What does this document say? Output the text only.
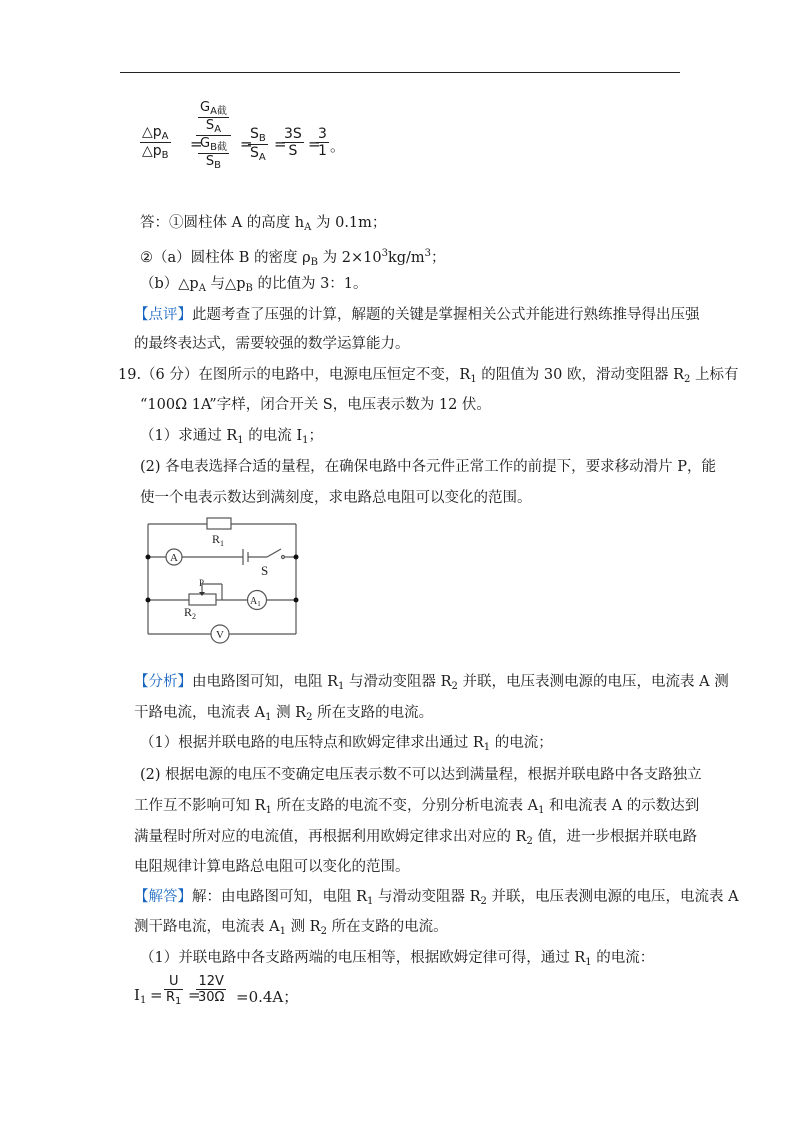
$\frac{\triangle p_A}{\triangle p_B}$ =
$\frac{G_{A截}}{S_A}$
$\frac{G_{B截}}{S_B}$ =
$\frac{S_B}{S_A}$ =
$\frac{3S}{S}$ =
$\frac{3}{1}$ 。
答：①圆柱体 A 的高度 $h_A$ 为 0.1m；
②（a）圆柱体 B 的密度 $\rho_B$ 为 $2\times 10^3kg/m^3$；
$(b)\triangle p_A$ 与$\triangle p_B$ 的比值为 3：1。
【点评】此题考查了压强的计算，解题的关键是掌握相关公式并能进行熟练推导得出压强
的最终表达式，需要较强的数学运算能力。
19.（6 分）在图所示的电路中，电源电压恒定不变，$R_1$ 的阻值为 30 欧，滑动变阻器 $R_2$ 上标有
“100Ω 1A”字样，闭合开关 S，电压表示数为 12 伏。
（1）求通过 $R_1$ 的电流 $I_1$；
(2) 各电表选择合适的量程，在确保电路中各元件正常工作的前提下，要求移动滑片 P，能
使一个电表示数达到满刻度，求电路总电阻可以变化的范围。
$R_1$
A
S
P
$R_2$
$A_1$
V
【分析】由电路图可知，电阻 $R_1$ 与滑动变阻器 $R_2$ 并联，电压表测电源的电压，电流表 A 测
干路电流，电流表 $A_1$ 测 $R_2$ 所在支路的电流。
（1）根据并联电路的电压特点和欧姆定律求出通过 $R_1$ 的电流；
(2) 根据电源的电压不变确定电压表示数不可以达到满量程，根据并联电路中各支路独立
工作互不影响可知 $R_1$ 所在支路的电流不变，分别分析电流表 $A_1$ 和电流表 A 的示数达到
满量程时所对应的电流值，再根据利用欧姆定律求出对应的 $R_2$ 值，进一步根据并联电路
电阻规律计算电路总电阻可以变化的范围。
【解答】解：由电路图可知，电阻 $R_1$ 与滑动变阻器 $R_2$ 并联，电压表测电源的电压，电流表 A
测干路电流，电流表 $A_1$ 测 $R_2$ 所在支路的电流。
（1）并联电路中各支路两端的电压相等，根据欧姆定律可得，通过 $R_1$ 的电流：
$I_1 = \frac{U}{R_1}$ =
$\frac{12V}{30\Omega} =0.4A$；
